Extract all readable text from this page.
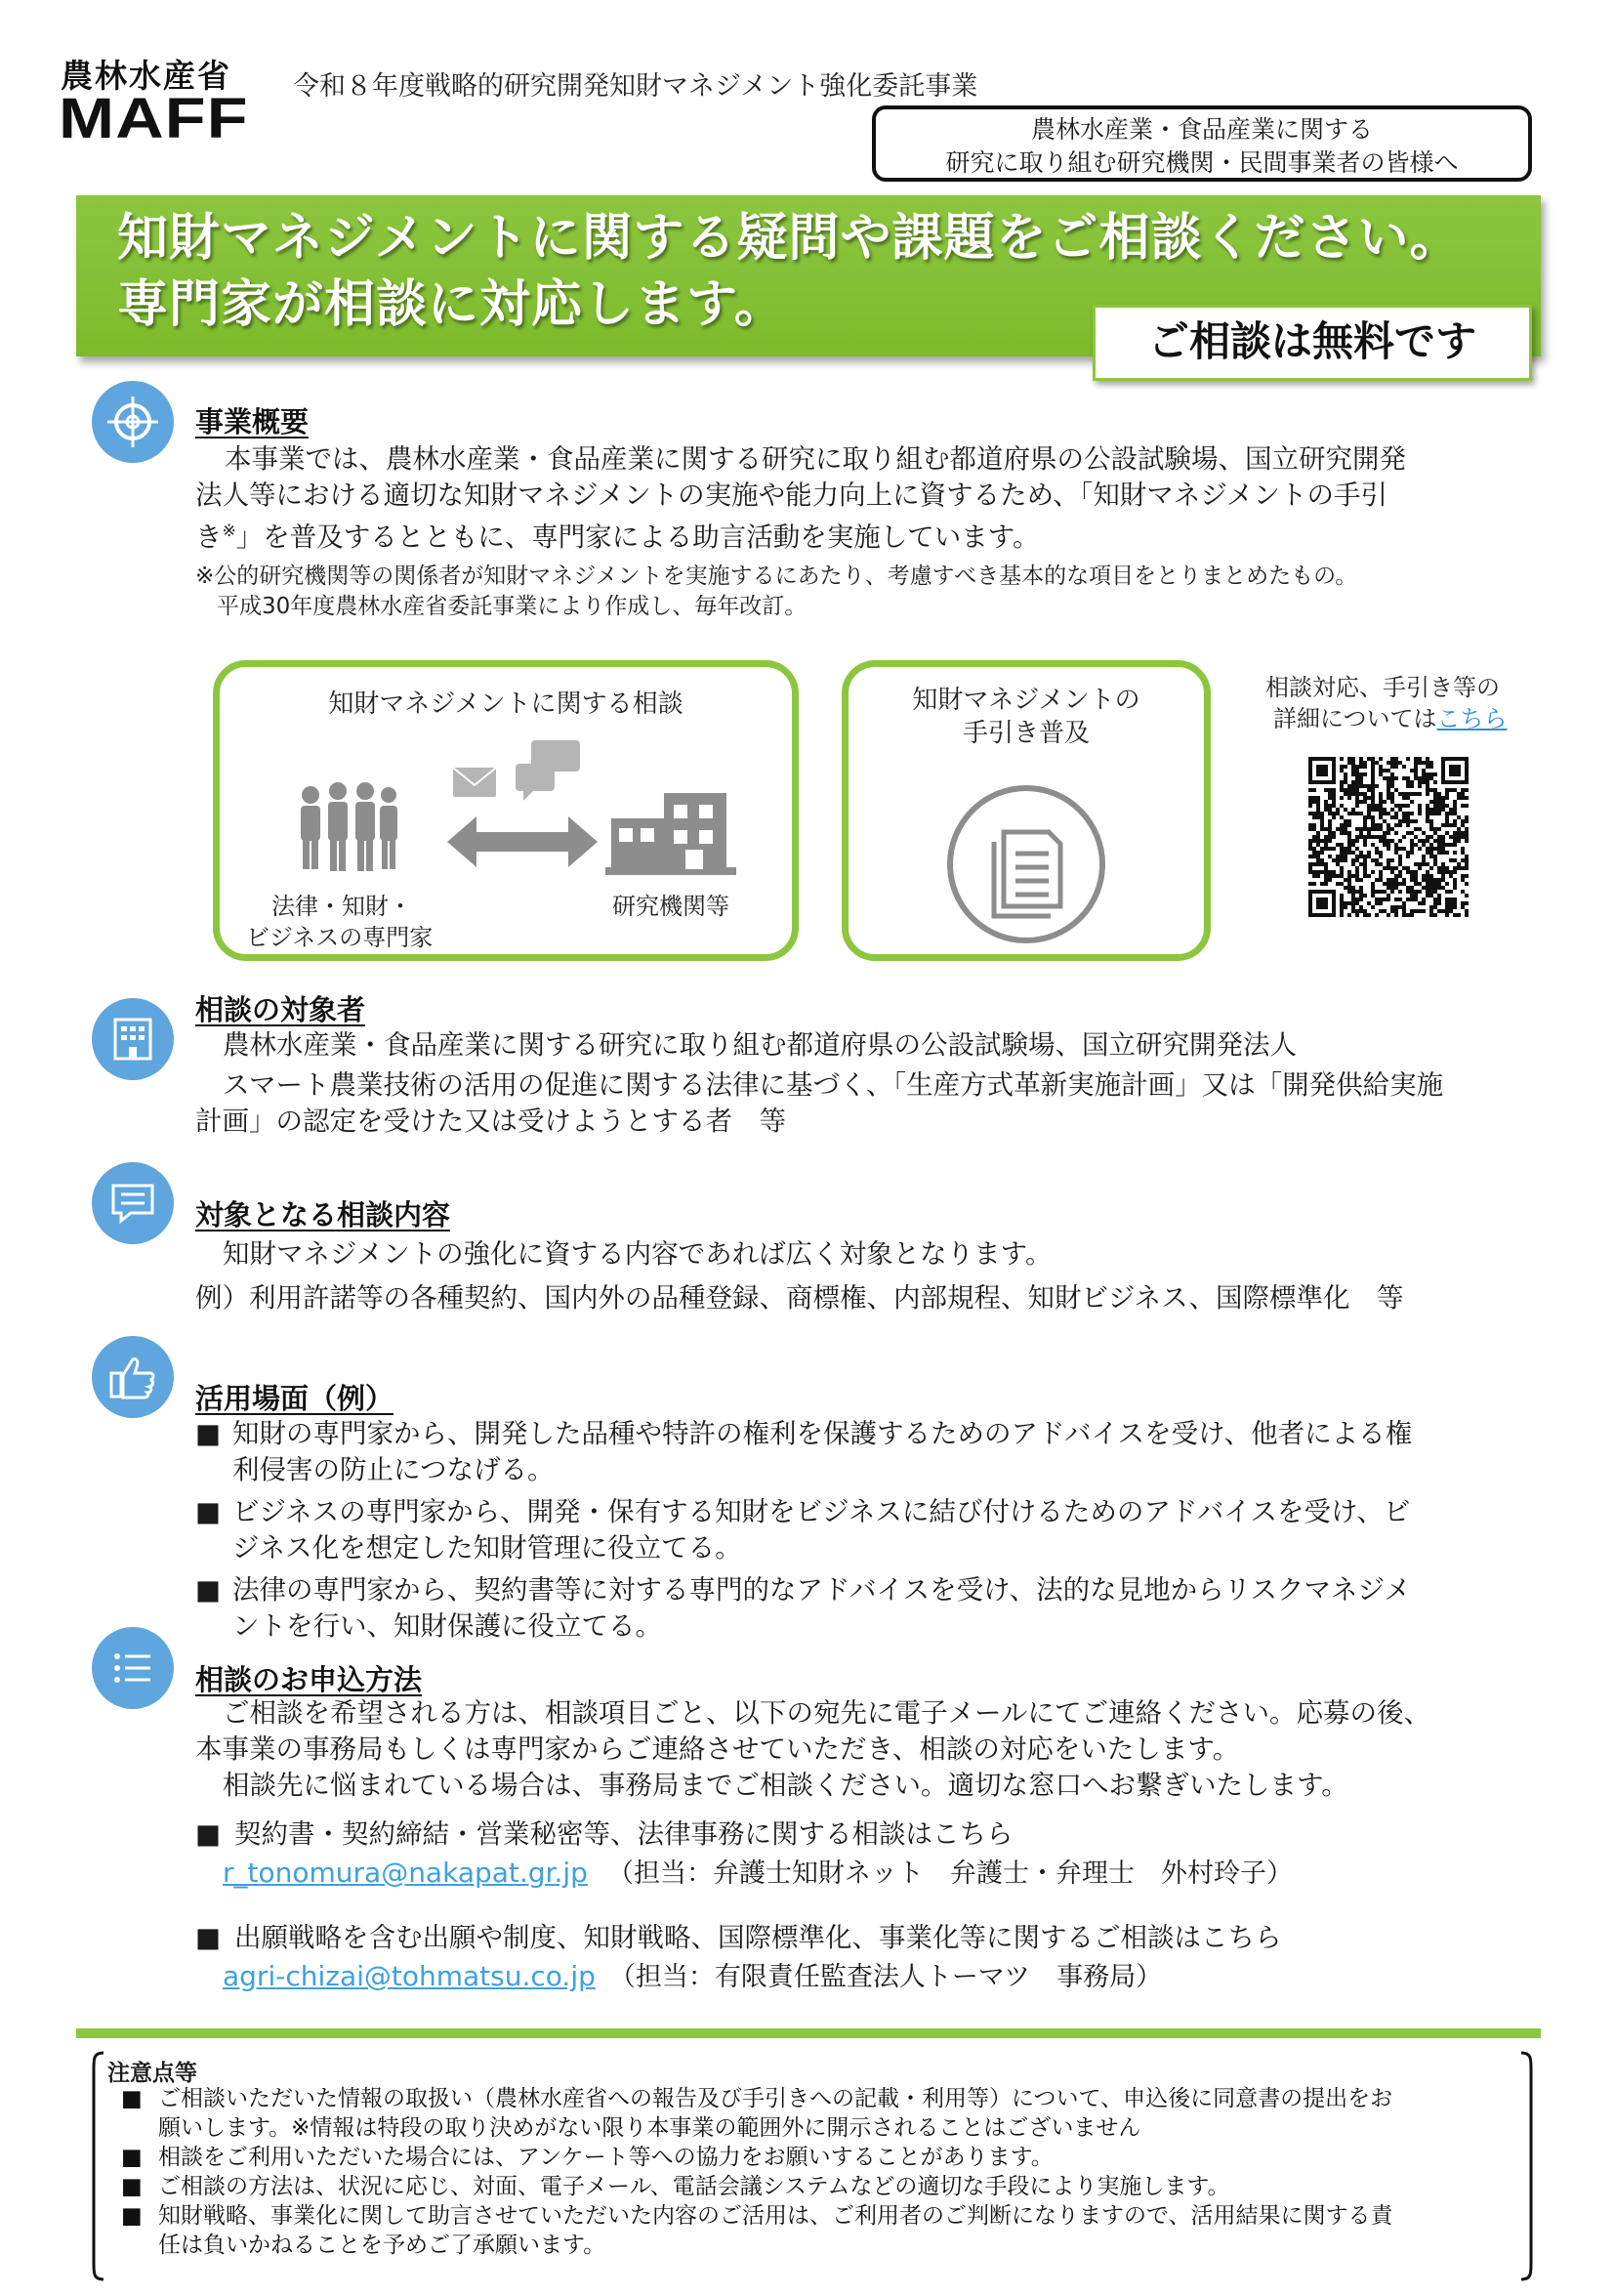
農林水産省
MAFF
令和８年度戦略的研究開発知財マネジメント強化委託事業
農林水産業・食品産業に関する
研究に取り組む研究機関・民間事業者の皆様へ
知財マネジメントに関する疑問や課題をご相談ください。
専門家が相談に対応します。
ご相談は無料です
事業概要
本事業では、農林水産業・食品産業に関する研究に取り組む都道府県の公設試験場、国立研究開発
法人等における適切な知財マネジメントの実施や能力向上に資するため、「知財マネジメントの手引
き※」を普及するとともに、専門家による助言活動を実施しています。
※公的研究機関等の関係者が知財マネジメントを実施するにあたり、考慮すべき基本的な項目をとりまとめたもの。
平成30年度農林水産省委託事業により作成し、毎年改訂。
知財マネジメントに関する相談
法律・知財・
ビジネスの専門家
研究機関等
知財マネジメントの
手引き普及
相談対応、手引き等の
詳細についてはこちら
相談の対象者
農林水産業・食品産業に関する研究に取り組む都道府県の公設試験場、国立研究開発法人
スマート農業技術の活用の促進に関する法律に基づく、「生産方式革新実施計画」又は「開発供給実施
計画」の認定を受けた又は受けようとする者　等
対象となる相談内容
知財マネジメントの強化に資する内容であれば広く対象となります。
例）利用許諾等の各種契約、国内外の品種登録、商標権、内部規程、知財ビジネス、国際標準化　等
活用場面（例）
■ 知財の専門家から、開発した品種や特許の権利を保護するためのアドバイスを受け、他者による権
利侵害の防止につなげる。
■ ビジネスの専門家から、開発・保有する知財をビジネスに結び付けるためのアドバイスを受け、ビ
ジネス化を想定した知財管理に役立てる。
■ 法律の専門家から、契約書等に対する専門的なアドバイスを受け、法的な見地からリスクマネジメ
ントを行い、知財保護に役立てる。
相談のお申込方法
ご相談を希望される方は、相談項目ごと、以下の宛先に電子メールにてご連絡ください。応募の後、
本事業の事務局もしくは専門家からご連絡させていただき、相談の対応をいたします。
相談先に悩まれている場合は、事務局までご相談ください。適切な窓口へお繋ぎいたします。
■ 契約書・契約締結・営業秘密等、法律事務に関する相談はこちら
r_tonomura@nakapat.gr.jp （担当：弁護士知財ネット　弁護士・弁理士　外村玲子）
■ 出願戦略を含む出願や制度、知財戦略、国際標準化、事業化等に関するご相談はこちら
agri-chizai@tohmatsu.co.jp （担当：有限責任監査法人トーマツ　事務局）
注意点等
■ ご相談いただいた情報の取扱い（農林水産省への報告及び手引きへの記載・利用等）について、申込後に同意書の提出をお
願いします。※情報は特段の取り決めがない限り本事業の範囲外に開示されることはございません
■ 相談をご利用いただいた場合には、アンケート等への協力をお願いすることがあります。
■ ご相談の方法は、状況に応じ、対面、電子メール、電話会議システムなどの適切な手段により実施します。
■ 知財戦略、事業化に関して助言させていただいた内容のご活用は、ご利用者のご判断になりますので、活用結果に関する責
任は負いかねることを予めご了承願います。
